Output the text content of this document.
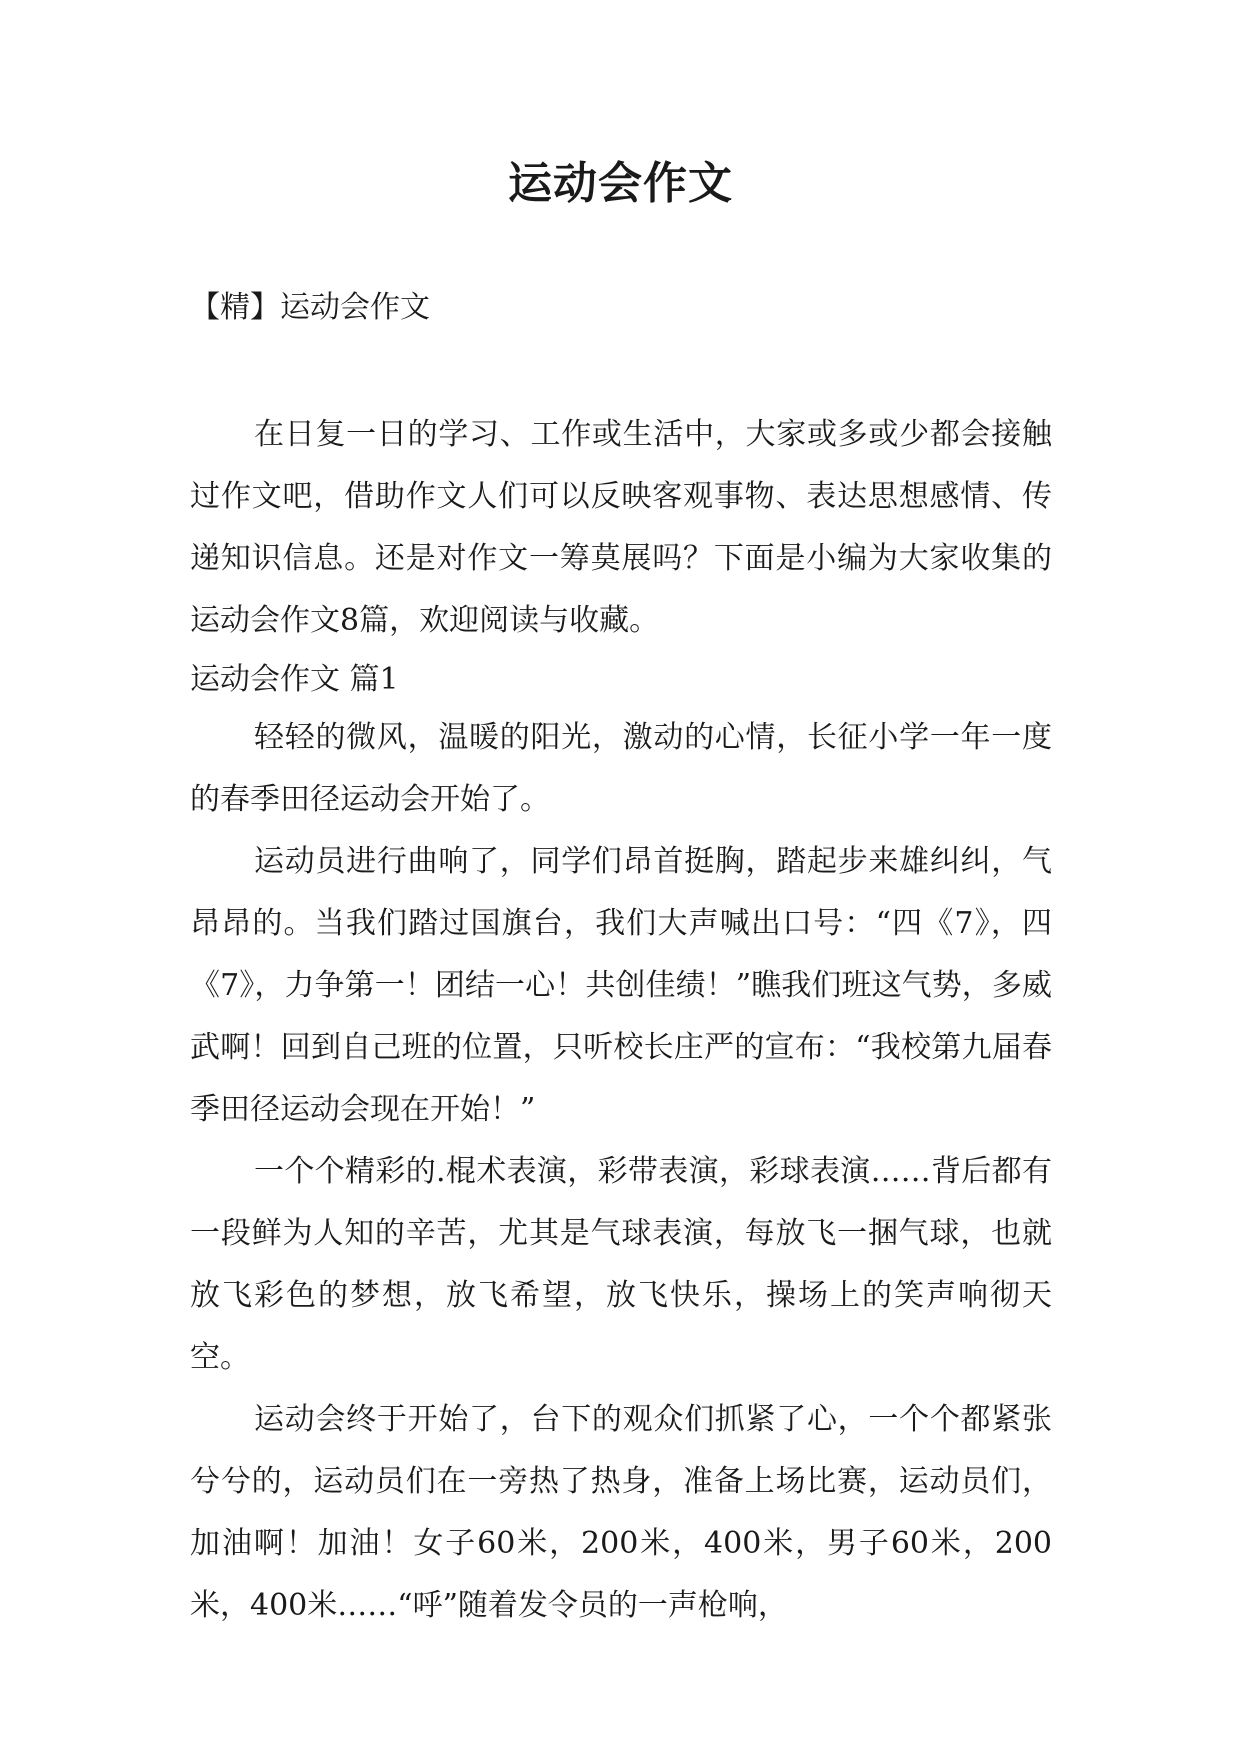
运动会作文

【精】运动会作文

在日复一日的学习、工作或生活中，大家或多或少都会接触过作文吧，借助作文人们可以反映客观事物、表达思想感情、传递知识信息。还是对作文一筹莫展吗？下面是小编为大家收集的运动会作文8篇，欢迎阅读与收藏。

运动会作文 篇1

轻轻的微风，温暖的阳光，激动的心情，长征小学一年一度的春季田径运动会开始了。

运动员进行曲响了，同学们昂首挺胸，踏起步来雄纠纠，气昂昂的。当我们踏过国旗台，我们大声喊出口号：“四《7》，四《7》，力争第一！团结一心！共创佳绩！”瞧我们班这气势，多威武啊！回到自己班的位置，只听校长庄严的宣布：“我校第九届春季田径运动会现在开始！”

一个个精彩的.棍术表演，彩带表演，彩球表演……背后都有一段鲜为人知的辛苦，尤其是气球表演，每放飞一捆气球，也就放飞彩色的梦想，放飞希望，放飞快乐，操场上的笑声响彻天空。

运动会终于开始了，台下的观众们抓紧了心，一个个都紧张兮兮的，运动员们在一旁热了热身，准备上场比赛，运动员们，加油啊！加油！女子60米，200米，400米，男子60米，200米，400米……“呼”随着发令员的一声枪响，
